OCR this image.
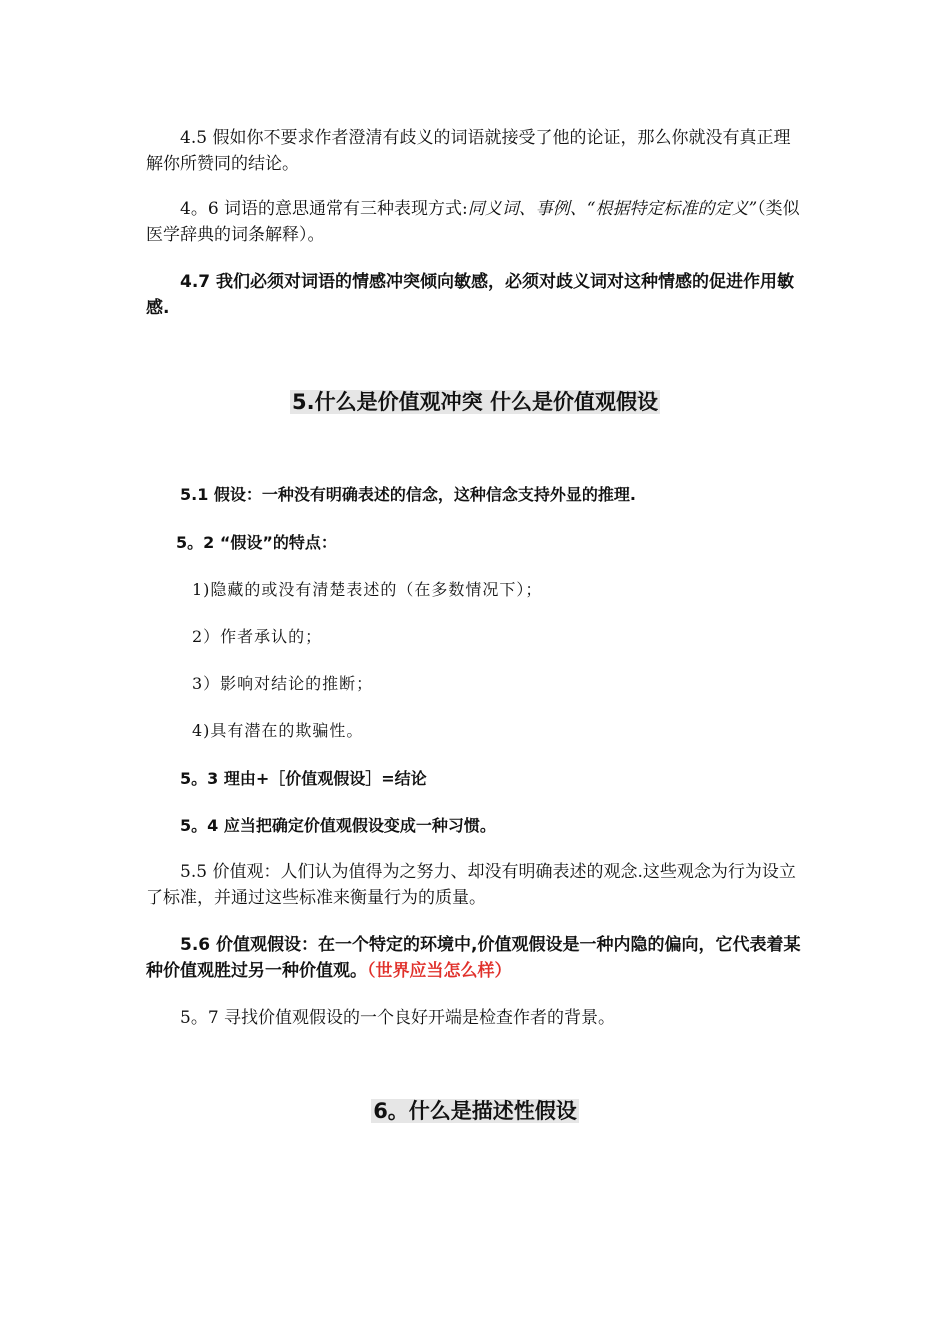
4.5 假如你不要求作者澄清有歧义的词语就接受了他的论证，那么你就没有真正理解你所赞同的结论。

4。6 词语的意思通常有三种表现方式:同义词、事例、“根据特定标准的定义”（类似医学辞典的词条解释）。

4.7 我们必须对词语的情感冲突倾向敏感，必须对歧义词对这种情感的促进作用敏感.

5.什么是价值观冲突 什么是价值观假设

5.1 假设：一种没有明确表述的信念，这种信念支持外显的推理.

5。2 “假设”的特点：

1)隐藏的或没有清楚表述的（在多数情况下）；

2）作者承认的；

3）影响对结论的推断；

4)具有潜在的欺骗性。

5。3 理由+［价值观假设］=结论

5。4 应当把确定价值观假设变成一种习惯。

5.5 价值观：人们认为值得为之努力、却没有明确表述的观念.这些观念为行为设立了标准，并通过这些标准来衡量行为的质量。

5.6 价值观假设：在一个特定的环境中,价值观假设是一种内隐的偏向，它代表着某种价值观胜过另一种价值观。（世界应当怎么样）

5。7 寻找价值观假设的一个良好开端是检查作者的背景。

6。什么是描述性假设
